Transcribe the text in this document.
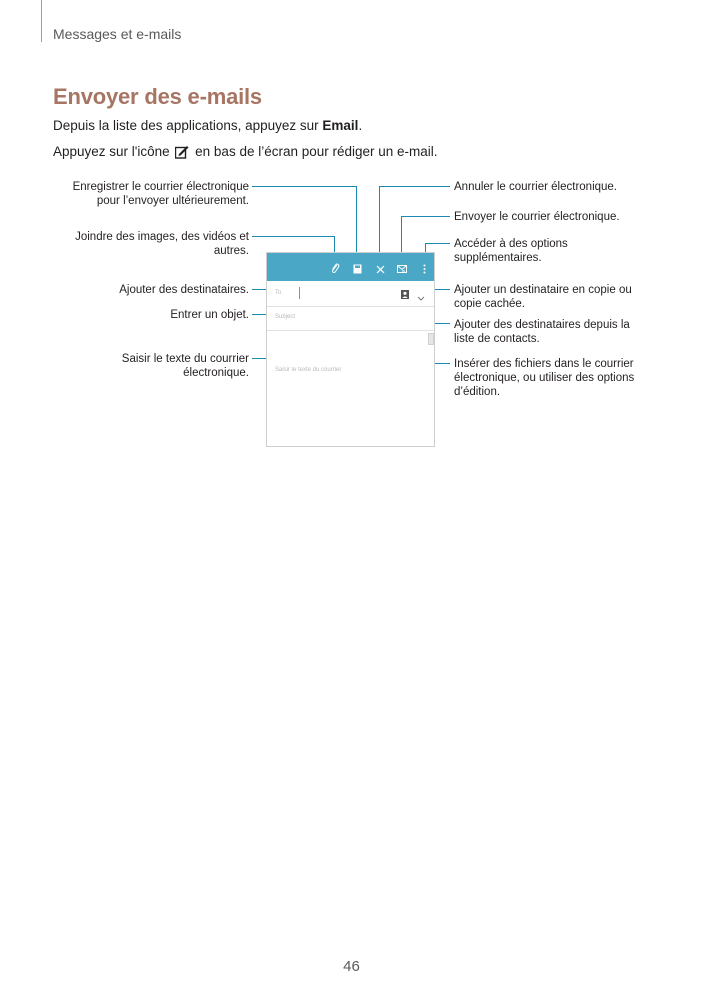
Messages et e-mails
Envoyer des e-mails
Depuis la liste des applications, appuyez sur Email.
Appuyez sur l'icône  en bas de l’écran pour rédiger un e-mail.
Enregistrer le courrier électronique
pour l’envoyer ultérieurement.
Joindre des images, des vidéos et
autres.
Ajouter des destinataires.
Entrer un objet.
Saisir le texte du courrier
électronique.
Annuler le courrier électronique.
Envoyer le courrier électronique.
Accéder à des options
supplémentaires.
Ajouter un destinataire en copie ou
copie cachée.
Ajouter des destinataires depuis la
liste de contacts.
Insérer des fichiers dans le courrier
électronique, ou utiliser des options
d’édition.
To
Subject
Saisir le texte du courrier
46
